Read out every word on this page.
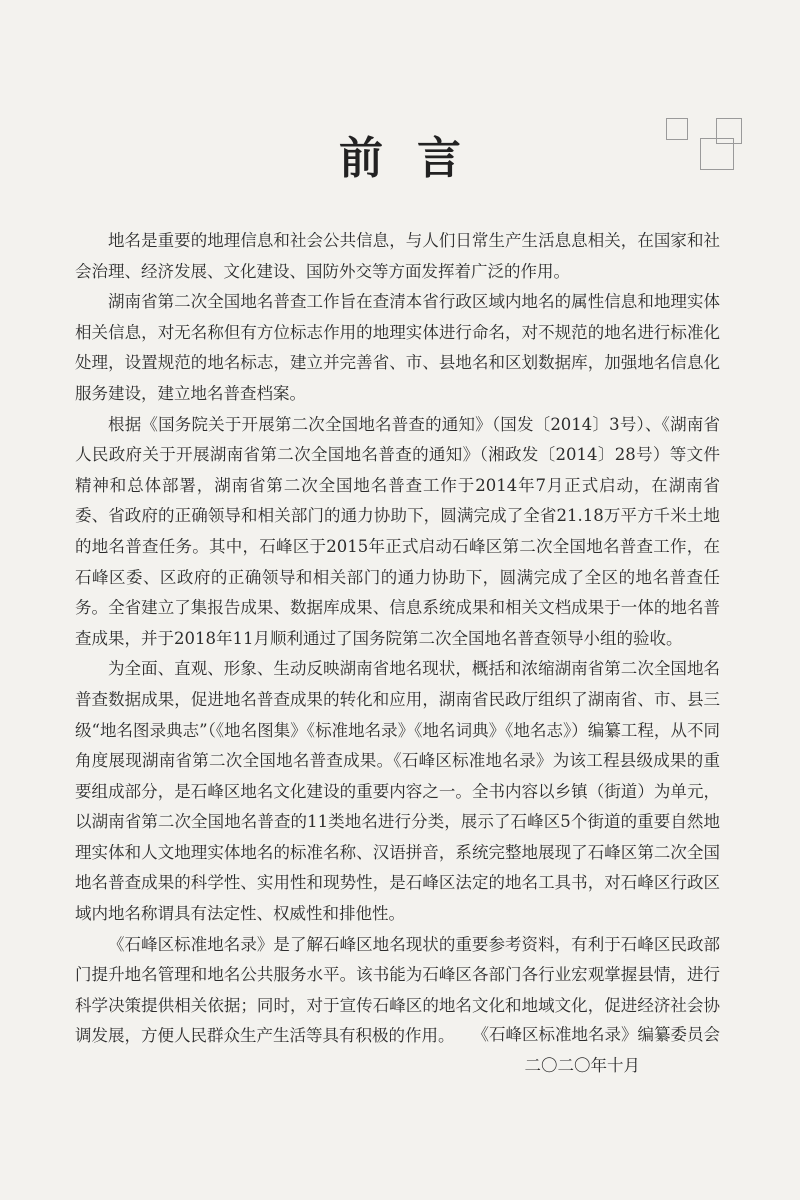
前言

地名是重要的地理信息和社会公共信息，与人们日常生产生活息息相关，在国家和社会治理、经济发展、文化建设、国防外交等方面发挥着广泛的作用。

湖南省第二次全国地名普查工作旨在查清本省行政区域内地名的属性信息和地理实体相关信息，对无名称但有方位标志作用的地理实体进行命名，对不规范的地名进行标准化处理，设置规范的地名标志，建立并完善省、市、县地名和区划数据库，加强地名信息化服务建设，建立地名普查档案。

根据《国务院关于开展第二次全国地名普查的通知》（国发〔2014〕3号）、《湖南省人民政府关于开展湖南省第二次全国地名普查的通知》（湘政发〔2014〕28号）等文件精神和总体部署，湖南省第二次全国地名普查工作于2014年7月正式启动，在湖南省委、省政府的正确领导和相关部门的通力协助下，圆满完成了全省21.18万平方千米土地的地名普查任务。其中，石峰区于2015年正式启动石峰区第二次全国地名普查工作，在石峰区委、区政府的正确领导和相关部门的通力协助下，圆满完成了全区的地名普查任务。全省建立了集报告成果、数据库成果、信息系统成果和相关文档成果于一体的地名普查成果，并于2018年11月顺利通过了国务院第二次全国地名普查领导小组的验收。

为全面、直观、形象、生动反映湖南省地名现状，概括和浓缩湖南省第二次全国地名普查数据成果，促进地名普查成果的转化和应用，湖南省民政厅组织了湖南省、市、县三级“地名图录典志”（《地名图集》《标准地名录》《地名词典》《地名志》）编纂工程，从不同角度展现湖南省第二次全国地名普查成果。《石峰区标准地名录》为该工程县级成果的重要组成部分，是石峰区地名文化建设的重要内容之一。全书内容以乡镇（街道）为单元，以湖南省第二次全国地名普查的11类地名进行分类，展示了石峰区5个街道的重要自然地理实体和人文地理实体地名的标准名称、汉语拼音，系统完整地展现了石峰区第二次全国地名普查成果的科学性、实用性和现势性，是石峰区法定的地名工具书，对石峰区行政区域内地名称谓具有法定性、权威性和排他性。

《石峰区标准地名录》是了解石峰区地名现状的重要参考资料，有利于石峰区民政部门提升地名管理和地名公共服务水平。该书能为石峰区各部门各行业宏观掌握县情，进行科学决策提供相关依据；同时，对于宣传石峰区的地名文化和地域文化，促进经济社会协调发展，方便人民群众生产生活等具有积极的作用。	《石峰区标准地名录》编纂委员会
二〇二〇年十月
